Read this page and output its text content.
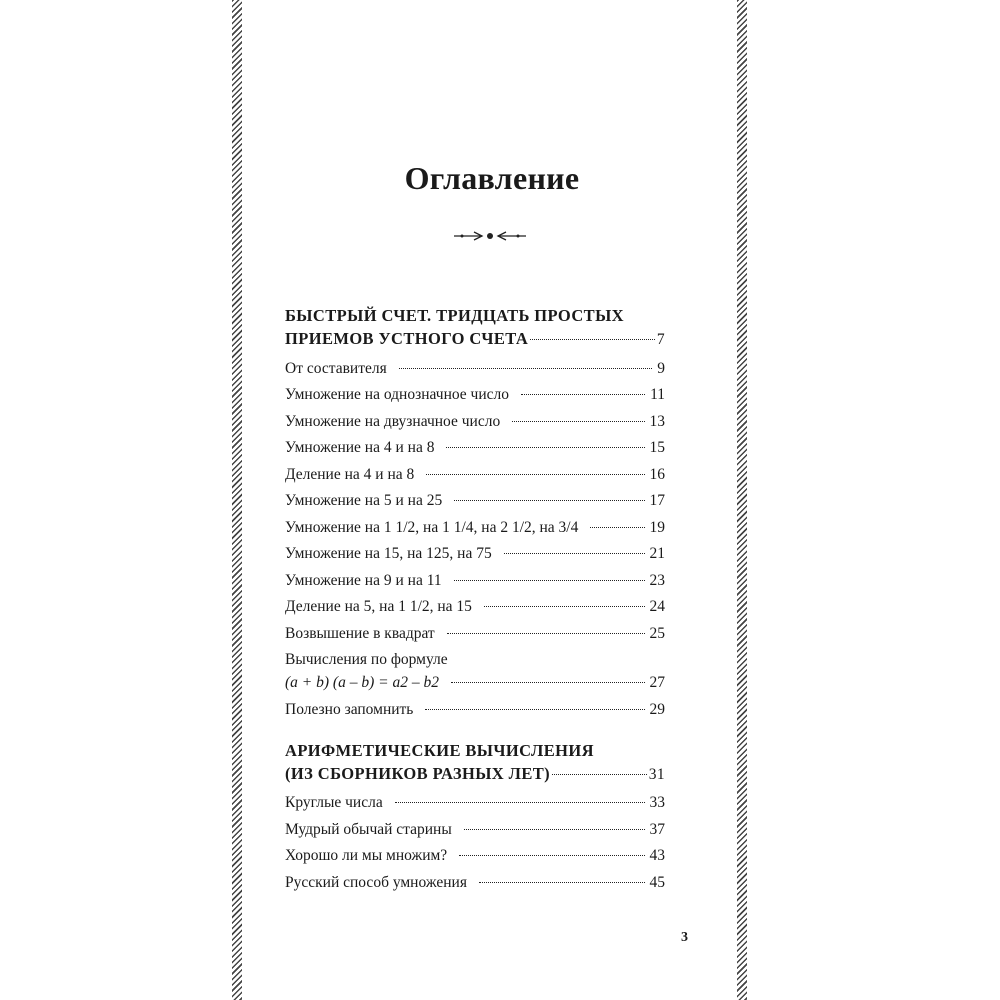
Оглавление
БЫСТРЫЙ СЧЕТ. ТРИДЦАТЬ ПРОСТЫХ
ПРИЕМОВ УСТНОГО СЧЕТА	7
От составителя	9
Умножение на однозначное число	11
Умножение на двузначное число	13
Умножение на 4 и на 8	15
Деление на 4 и на 8	16
Умножение на 5 и на 25	17
Умножение на 1 1/2, на 1 1/4, на 2 1/2, на 3/4	19
Умножение на 15, на 125, на 75	21
Умножение на 9 и на 11	23
Деление на 5, на 1 1/2, на 15	24
Возвышение в квадрат	25
Вычисления по формуле
(a + b) (a – b) = a2 – b2	27
Полезно запомнить	29
АРИФМЕТИЧЕСКИЕ ВЫЧИСЛЕНИЯ
(ИЗ СБОРНИКОВ РАЗНЫХ ЛЕТ)	31
Круглые числа	33
Мудрый обычай старины	37
Хорошо ли мы множим?	43
Русский способ умножения	45
3
